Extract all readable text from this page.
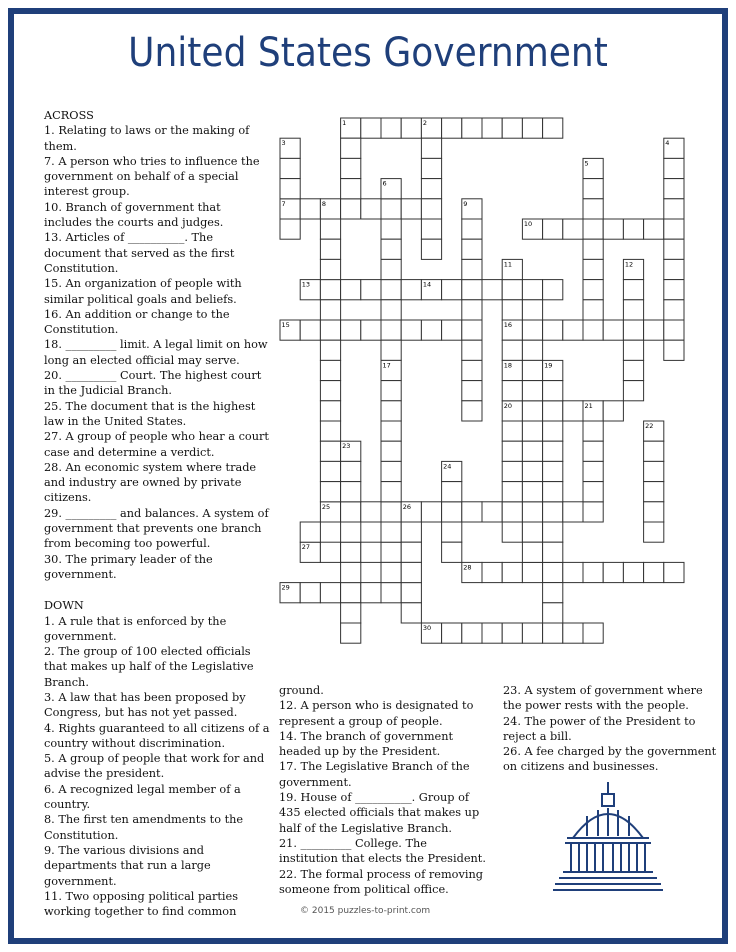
United States Government

ACROSS

1. Relating to laws or the making of them.

7. A person who tries to influence the government on behalf of a special interest group.

10. Branch of government that includes the courts and judges.

13. Articles of __________. The document that served as the first Constitution.

15. An organization of people with similar political goals and beliefs.

16. An addition or change to the Constitution.

18. _________ limit. A legal limit on how long an elected official may serve.

20. _________ Court. The highest court in the Judicial Branch.

25. The document that is the highest law in the United States.

27. A group of people who hear a court case and determine a verdict.

28. An economic system where trade and industry are owned by private citizens.

29. _________ and balances. A system of government that prevents one branch from becoming too powerful.

30. The primary leader of the government.

DOWN

1. A rule that is enforced by the government.

2. The group of 100 elected officials that makes up half of the Legislative Branch.

3. A law that has been proposed by Congress, but has not yet passed.

4. Rights guaranteed to all citizens of a country without discrimination.

5. A group of people that work for and advise the president.

6. A recognized legal member of a country.

8. The first ten amendments to the Constitution.

9. The various divisions and departments that run a large government.

11. Two opposing political parties working together to find common

ground.

12. A person who is designated to represent a group of people.

14. The branch of government headed up by the President.

17. The Legislative Branch of the government.

19. House of __________. Group of 435 elected officials that makes up half of the Legislative Branch.

21. _________ College. The institution that elects the President.

22. The formal process of removing someone from political office.

23. A system of government where the power rests with the people.

24. The power of the President to reject a bill.

26. A fee charged by the government on citizens and businesses.

1	2
3	4
5
6
7	8	9
10
11	12
13	14
15	16
17	18	19
20	21
22
23
24
25	26
27
28
29
30
© 2015 puzzles-to-print.com
